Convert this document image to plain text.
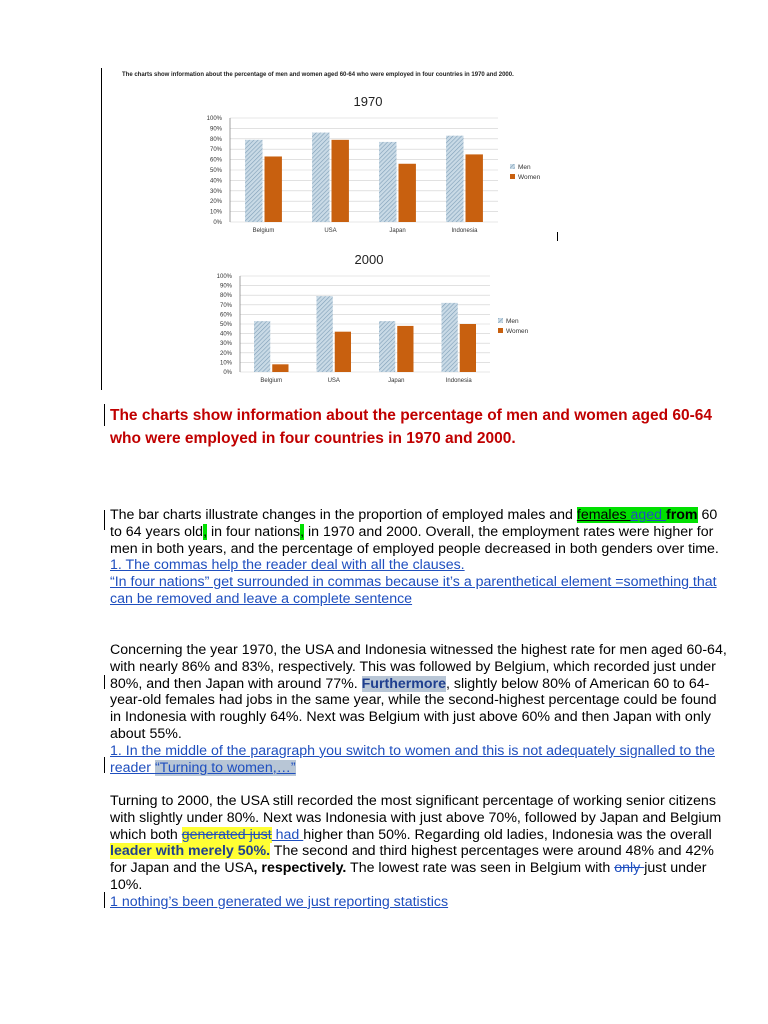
The charts show information about the percentage of men and women aged 60-64 who were employed in four countries in 1970 and 2000.
1970
0%
10%
20%
30%
40%
50%
60%
70%
80%
90%
100%
Belgium	USA	Japan	Indonesia
Men
Women
2000
0%
10%
20%
30%
40%
50%
60%
70%
80%
90%
100%
Belgium	USA	Japan	Indonesia
Men
Women
The charts show information about the percentage of men and women aged 60-64 who were employed in four countries in 1970 and 2000.
The bar charts illustrate changes in the proportion of employed males and females aged from 60 to 64 years old, in four nations, in 1970 and 2000. Overall, the employment rates were higher for men in both years, and the percentage of employed people decreased in both genders over time.
1. The commas help the reader deal with all the clauses.
“In four nations” get surrounded in commas because it’s a parenthetical element =something that can be removed and leave a complete sentence
Concerning the year 1970, the USA and Indonesia witnessed the highest rate for men aged 60-64, with nearly 86% and 83%, respectively. This was followed by Belgium, which recorded just under 80%, and then Japan with around 77%. Furthermore, slightly below 80% of American 60 to 64-year-old females had jobs in the same year, while the second-highest percentage could be found in Indonesia with roughly 64%. Next was Belgium with just above 60% and then Japan with only about 55%.
1. In the middle of the paragraph you switch to women and this is not adequately signalled to the reader “Turning to women,…”
Turning to 2000, the USA still recorded the most significant percentage of working senior citizens with slightly under 80%. Next was Indonesia with just above 70%, followed by Japan and Belgium which both generated just had higher than 50%. Regarding old ladies, Indonesia was the overall leader with merely 50%. The second and third highest percentages were around 48% and 42% for Japan and the USA, respectively. The lowest rate was seen in Belgium with only just under 10%.
1 nothing’s been generated we just reporting statistics
